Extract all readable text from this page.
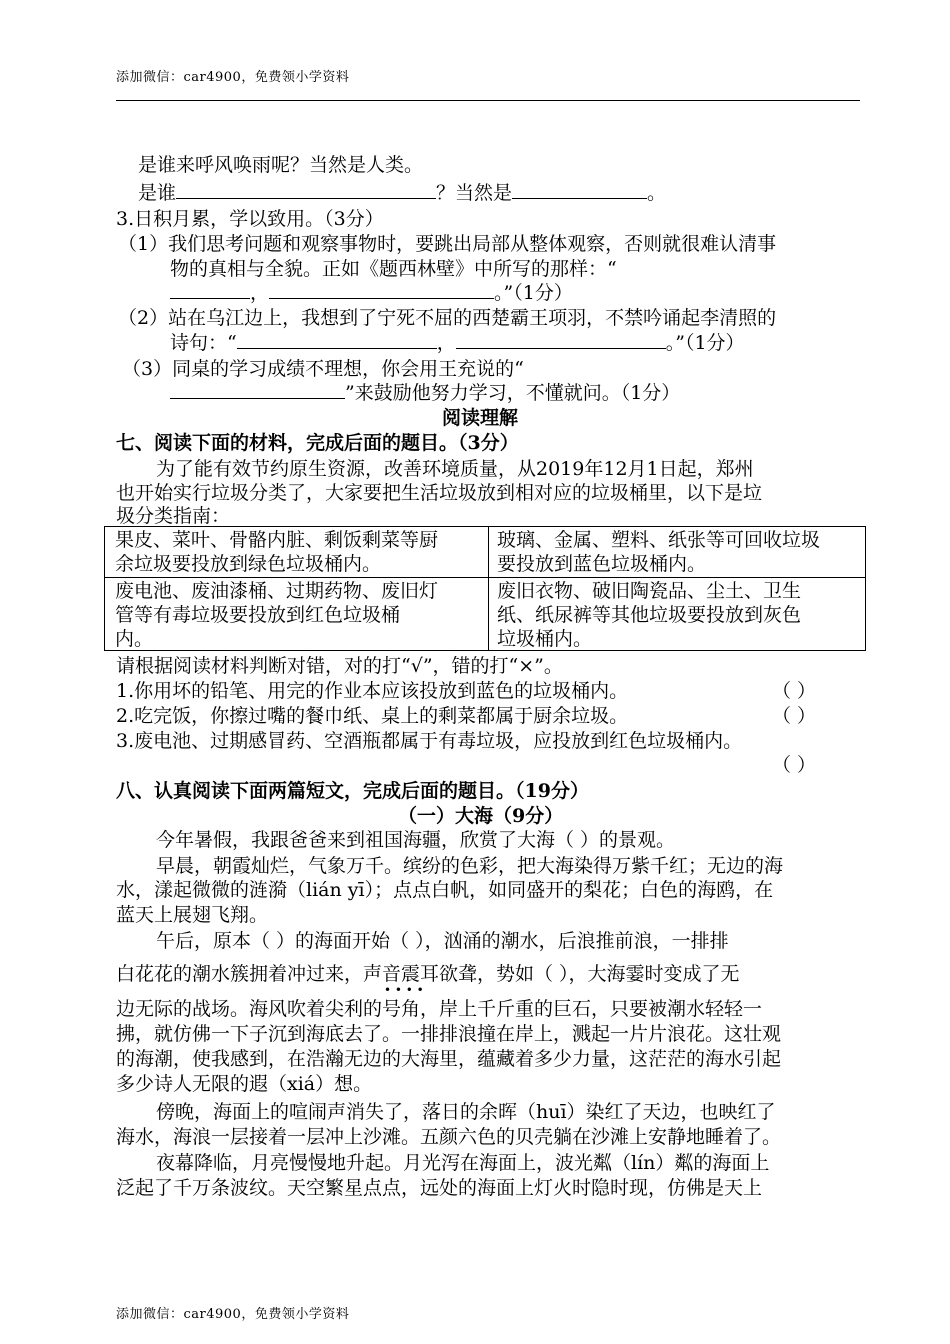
添加微信：car4900，免费领小学资料
是谁来呼风唤雨呢？当然是人类。
是谁	？当然是	。
3.日积月累，学以致用。（3分）
（1）我们思考问题和观察事物时，要跳出局部从整体观察，否则就很难认清事
物的真相与全貌。正如《题西林壁》中所写的那样：“
，	。”（1分）
（2）站在乌江边上，我想到了宁死不屈的西楚霸王项羽，不禁吟诵起李清照的
诗句：“	，	。”（1分）
（3）同桌的学习成绩不理想，你会用王充说的“
”来鼓励他努力学习，不懂就问。（1分）
阅读理解
七、阅读下面的材料，完成后面的题目。（3分）
为了能有效节约原生资源，改善环境质量，从2019年12月1日起，郑州
也开始实行垃圾分类了，大家要把生活垃圾放到相对应的垃圾桶里，以下是垃
圾分类指南：
果皮、菜叶、骨骼内脏、剩饭剩菜等厨
余垃圾要投放到绿色垃圾桶内。
玻璃、金属、塑料、纸张等可回收垃圾
要投放到蓝色垃圾桶内。
废电池、废油漆桶、过期药物、废旧灯
管等有毒垃圾要投放到红色垃圾桶
内。
废旧衣物、破旧陶瓷品、尘土、卫生
纸、纸尿裤等其他垃圾要投放到灰色
垃圾桶内。
请根据阅读材料判断对错，对的打“√”，错的打“×”。
1.你用坏的铅笔、用完的作业本应该投放到蓝色的垃圾桶内。	（ ）
2.吃完饭，你擦过嘴的餐巾纸、桌上的剩菜都属于厨余垃圾。	（ ）
3.废电池、过期感冒药、空酒瓶都属于有毒垃圾，应投放到红色垃圾桶内。
（ ）
八、认真阅读下面两篇短文，完成后面的题目。（19分）
（一）大海（9分）
今年暑假，我跟爸爸来到祖国海疆，欣赏了大海（ ）的景观。
早晨，朝霞灿烂，气象万千。缤纷的色彩，把大海染得万紫千红；无边的海
水，漾起微微的涟漪（lián yī）；点点白帆，如同盛开的梨花；白色的海鸥，在
蓝天上展翅飞翔。
午后，原本（ ）的海面开始（ ），汹涌的潮水，后浪推前浪，一排排
白花花的潮水簇拥着冲过来，声音震耳欲聋，势如（ ），大海霎时变成了无
• • • •
边无际的战场。海风吹着尖利的号角，岸上千斤重的巨石，只要被潮水轻轻一
拂，就仿佛一下子沉到海底去了。一排排浪撞在岸上，溅起一片片浪花。这壮观
的海潮，使我感到，在浩瀚无边的大海里，蕴藏着多少力量，这茫茫的海水引起
多少诗人无限的遐（xiá）想。
傍晚，海面上的喧闹声消失了，落日的余晖（huī）染红了天边，也映红了
海水，海浪一层接着一层冲上沙滩。五颜六色的贝壳躺在沙滩上安静地睡着了。
夜幕降临，月亮慢慢地升起。月光泻在海面上，波光粼（lín）粼的海面上
泛起了千万条波纹。天空繁星点点，远处的海面上灯火时隐时现，仿佛是天上
添加微信：car4900，免费领小学资料
